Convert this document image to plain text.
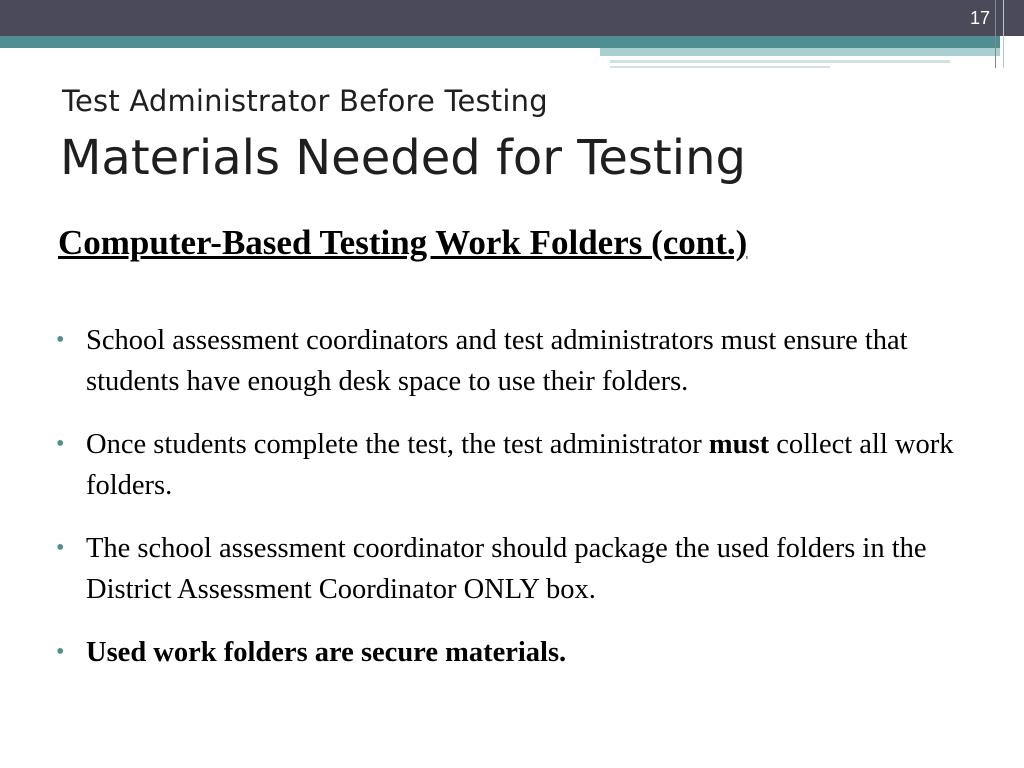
17
Test Administrator Before Testing
Materials Needed for Testing
Computer-Based Testing Work Folders (cont.)
• School assessment coordinators and test administrators must ensure that students have enough desk space to use their folders.
• Once students complete the test, the test administrator must collect all work folders.
• The school assessment coordinator should package the used folders in the District Assessment Coordinator ONLY box.
• Used work folders are secure materials.
